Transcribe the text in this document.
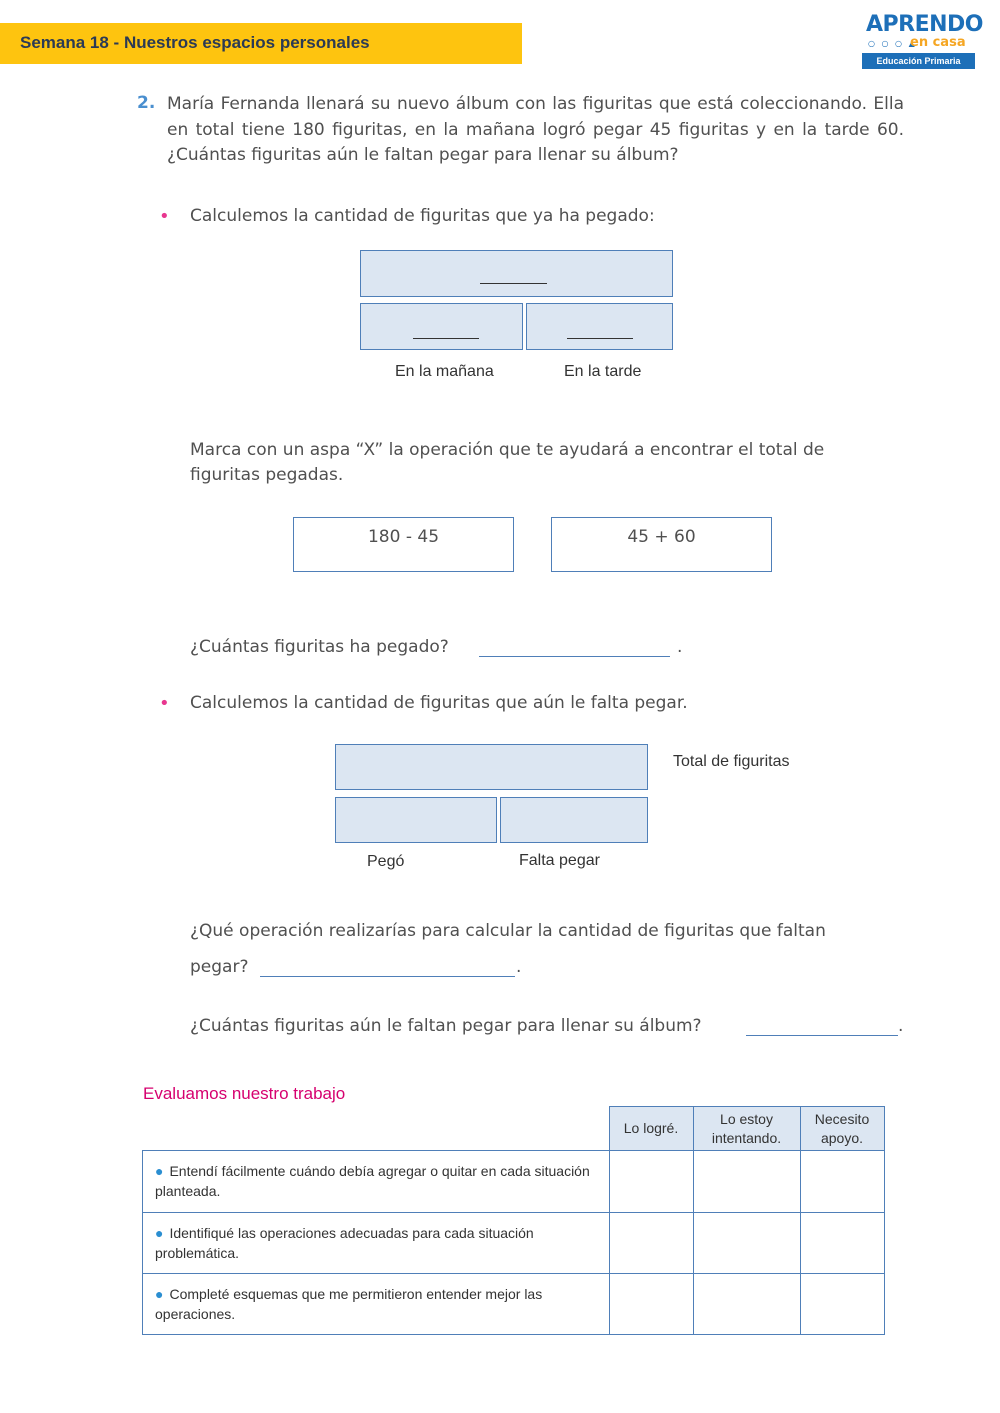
Semana 18 - Nuestros espacios personales
APRENDO
○ ○ ○ ▲
en casa
Educación Primaria
2. María Fernanda llenará su nuevo álbum con las figuritas que está coleccionando. Ella en total tiene 180 figuritas, en la mañana logró pegar 45 figuritas y en la tarde 60. ¿Cuántas figuritas aún le faltan pegar para llenar su álbum?
• Calculemos la cantidad de figuritas que ya ha pegado:
En la mañana	En la tarde
Marca con un aspa “X” la operación que te ayudará a encontrar el total de figuritas pegadas.
180 - 45	45 + 60
¿Cuántas figuritas ha pegado?	.
• Calculemos la cantidad de figuritas que aún le falta pegar.
Total de figuritas
Pegó	Falta pegar
¿Qué operación realizarías para calcular la cantidad de figuritas que faltan
pegar?	.
¿Cuántas figuritas aún le faltan pegar para llenar su álbum?	.
Evaluamos nuestro trabajo
	Lo logré.	Lo estoy intentando.	Necesito apoyo.
● Entendí fácilmente cuándo debía agregar o quitar en cada situación planteada.			
● Identifiqué las operaciones adecuadas para cada situación problemática.			
● Completé esquemas que me permitieron entender mejor las operaciones.			
